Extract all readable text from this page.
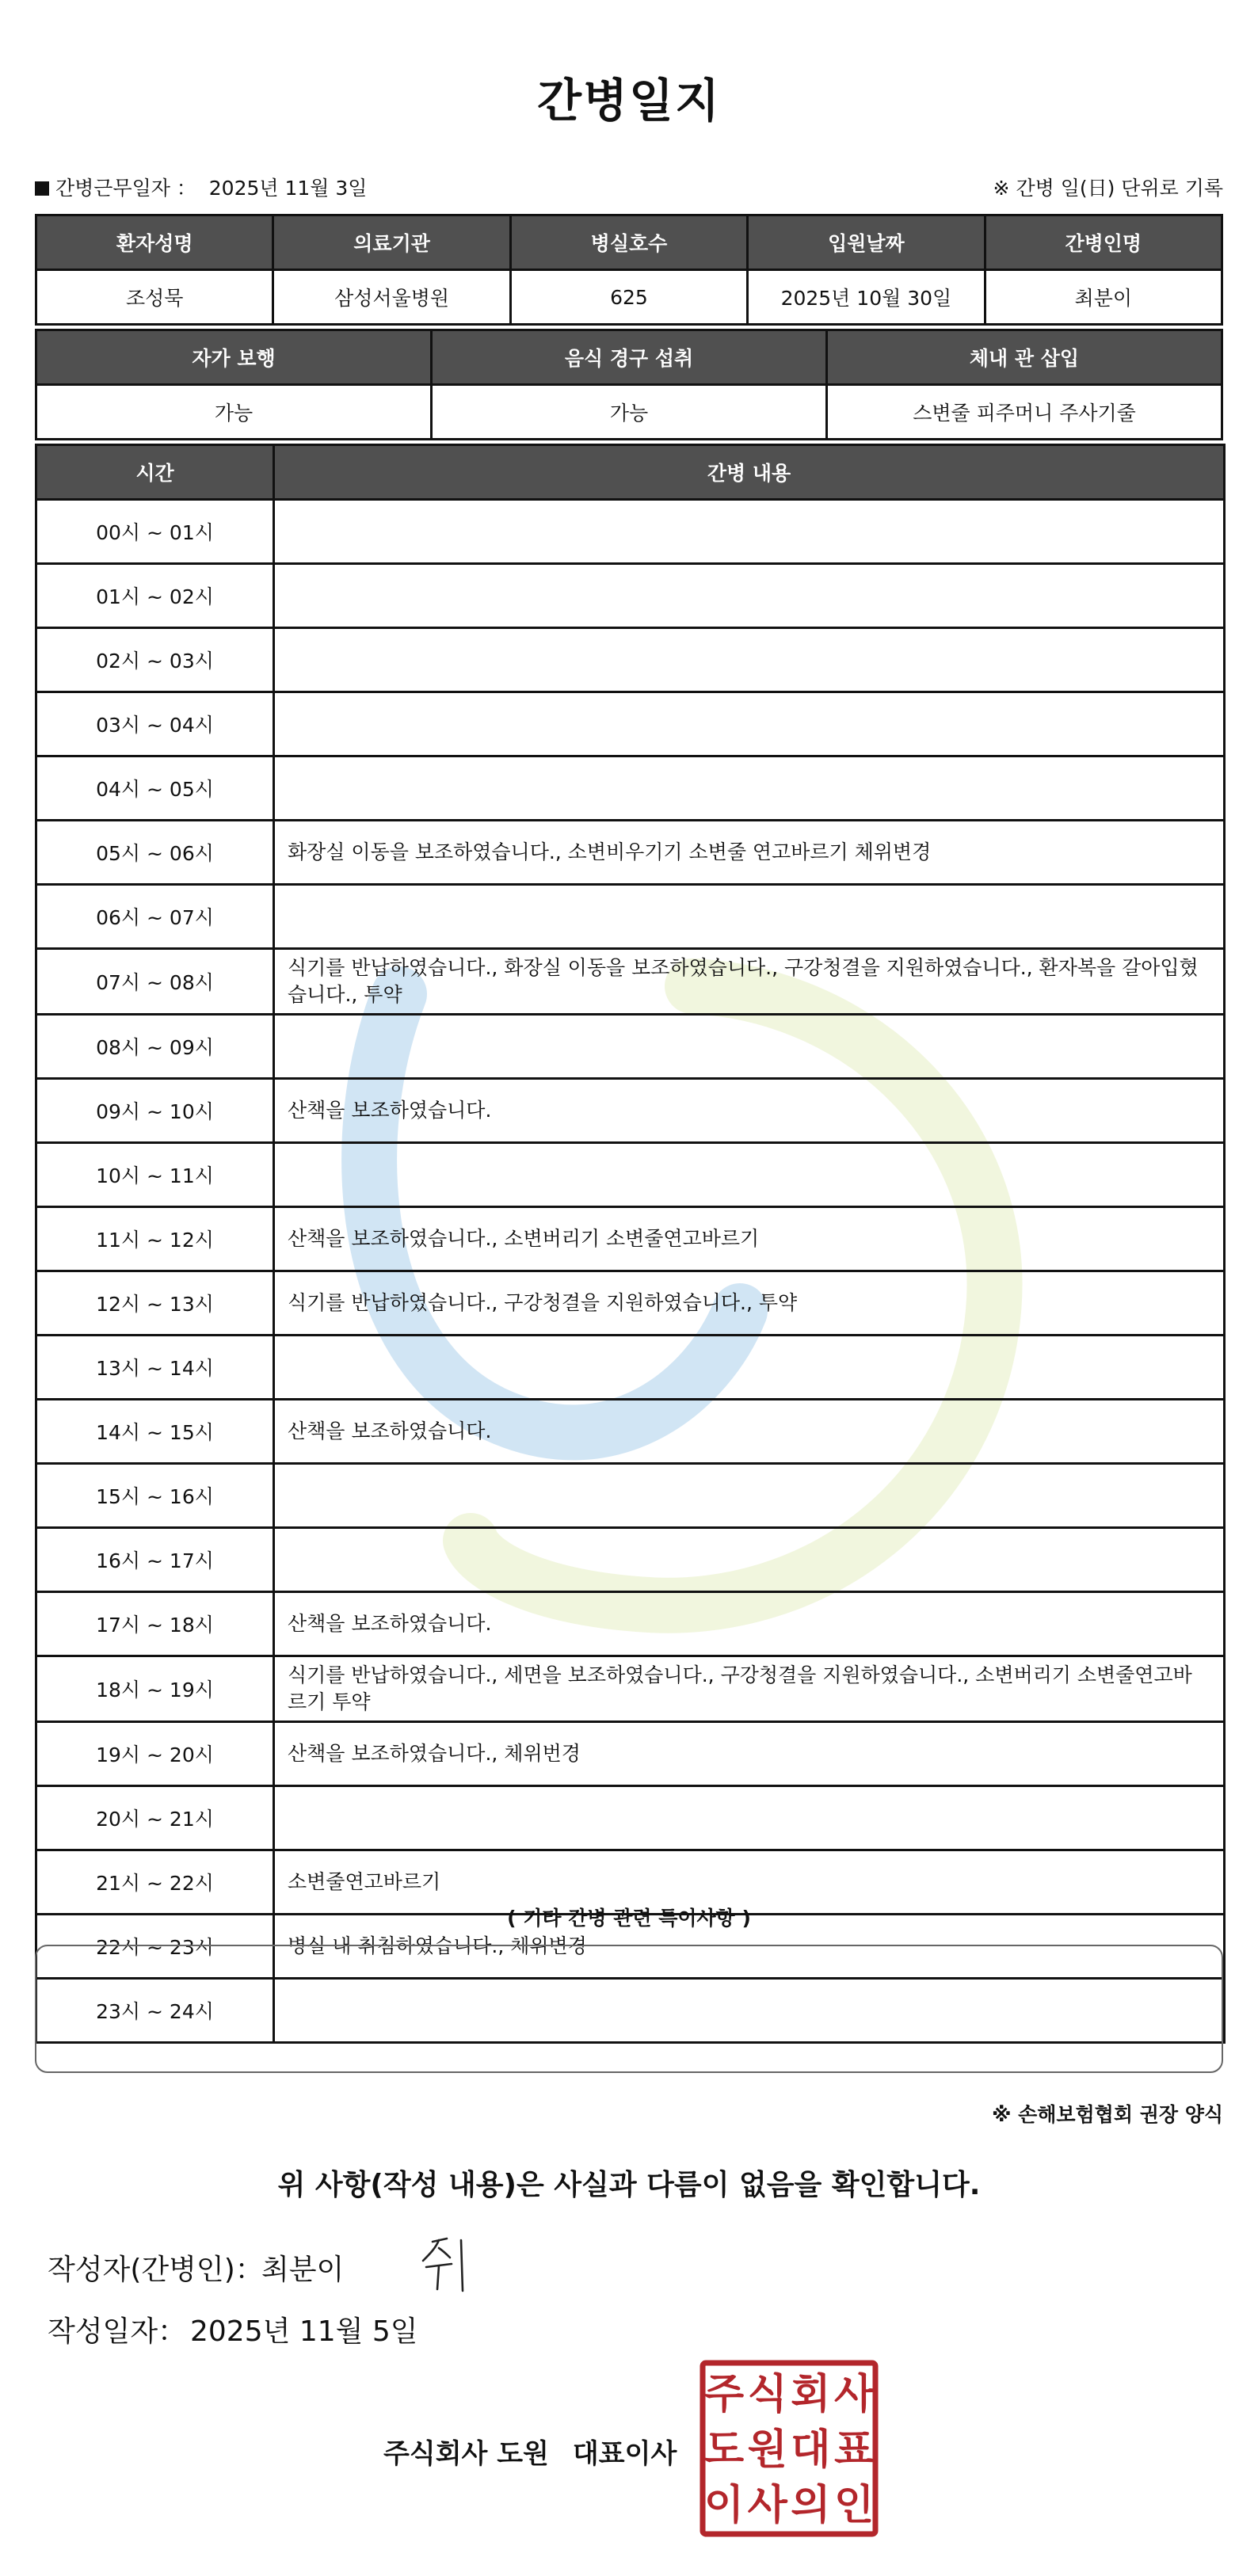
간병일지
간병근무일자 ： 2025년 11월 3일	※ 간병 일(日) 단위로 기록
환자성명	의료기관	병실호수	입원날짜	간병인명
조성묵	삼성서울병원	625	2025년 10월 30일	최분이
자가 보행	음식 경구 섭취	체내 관 삽입
가능	가능	스변줄 피주머니 주사기줄
시간	간병 내용
00시 ~ 01시	
01시 ~ 02시	
02시 ~ 03시	
03시 ~ 04시	
04시 ~ 05시	
05시 ~ 06시	화장실 이동을 보조하였습니다., 소변비우기기 소변줄 연고바르기 체위변경
06시 ~ 07시	
07시 ~ 08시	식기를 반납하였습니다., 화장실 이동을 보조하였습니다., 구강청결을 지원하였습니다., 환자복을 갈아입혔습니다., 투약
08시 ~ 09시	
09시 ~ 10시	산책을 보조하였습니다.
10시 ~ 11시	
11시 ~ 12시	산책을 보조하였습니다., 소변버리기 소변줄연고바르기
12시 ~ 13시	식기를 반납하였습니다., 구강청결을 지원하였습니다., 투약
13시 ~ 14시	
14시 ~ 15시	산책을 보조하였습니다.
15시 ~ 16시	
16시 ~ 17시	
17시 ~ 18시	산책을 보조하였습니다.
18시 ~ 19시	식기를 반납하였습니다., 세면을 보조하였습니다., 구강청결을 지원하였습니다., 소변버리기 소변줄연고바르기 투약
19시 ~ 20시	산책을 보조하였습니다., 체위번경
20시 ~ 21시	
21시 ~ 22시	소변줄연고바르기
22시 ~ 23시	병실 내 취침하였습니다., 체위변경
23시 ~ 24시	
( 기타 간병 관련 특이사항 )
※ 손해보험협회 권장 양식
위 사항(작성 내용)은 사실과 다름이 없음을 확인합니다.
작성자(간병인)：
최분이
작성일자： 2025년 11월 5일
주식회사 도원 대표이사
주 식 회 사
도 원 대 표
이 사 의 인
